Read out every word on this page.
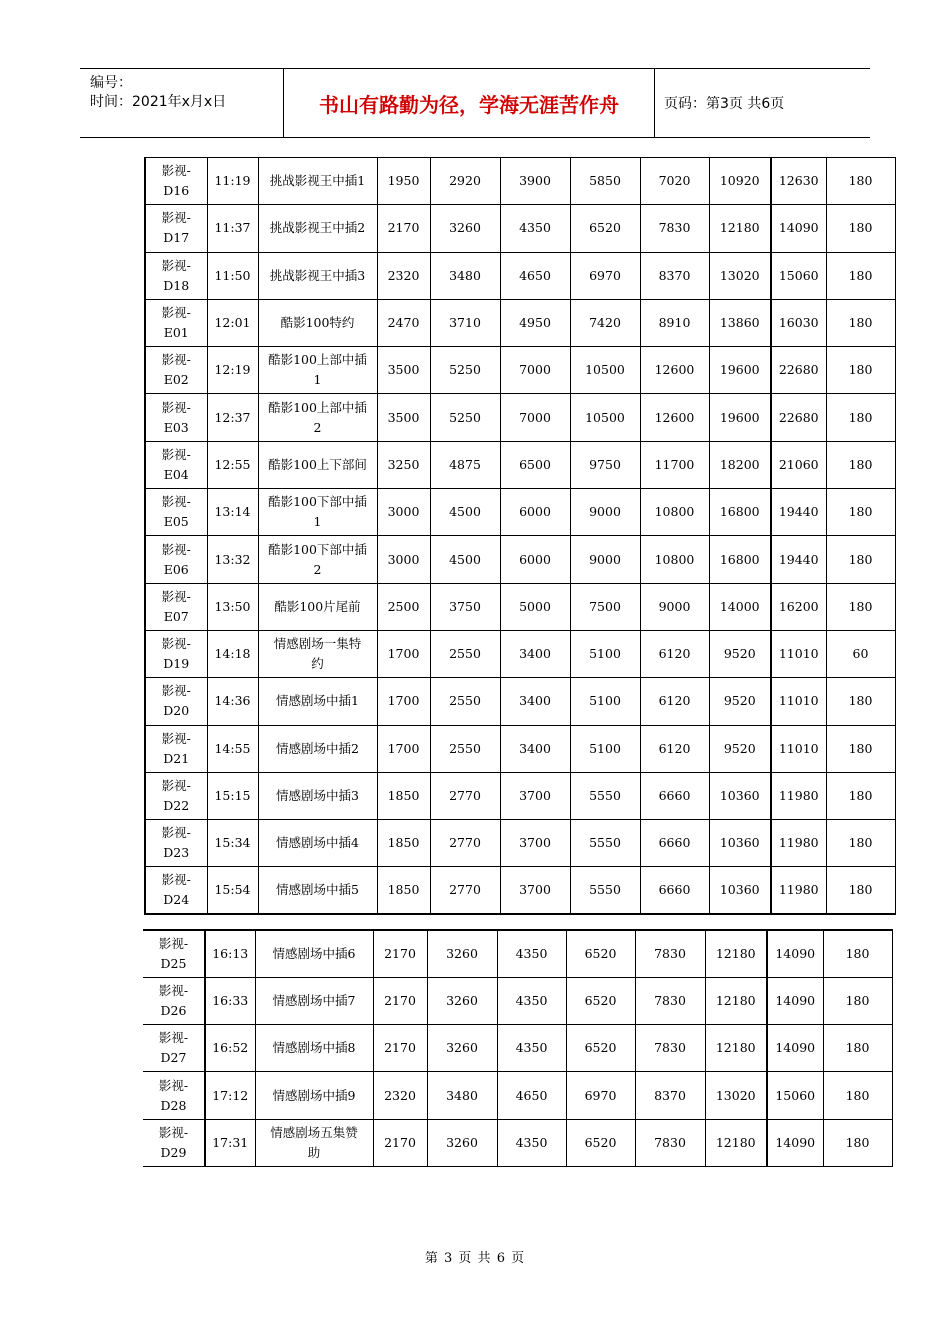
编号：
时间：2021年x月x日	书山有路勤为径，学海无涯苦作舟	页码：第3页 共6页
影视-
D16	11:19	挑战影视王中插1	1950	2920	3900	5850	7020	10920	12630	180
影视-
D17	11:37	挑战影视王中插2	2170	3260	4350	6520	7830	12180	14090	180
影视-
D18	11:50	挑战影视王中插3	2320	3480	4650	6970	8370	13020	15060	180
影视-
E01	12:01	酷影100特约	2470	3710	4950	7420	8910	13860	16030	180
影视-
E02	12:19	酷影100上部中插
1	3500	5250	7000	10500	12600	19600	22680	180
影视-
E03	12:37	酷影100上部中插
2	3500	5250	7000	10500	12600	19600	22680	180
影视-
E04	12:55	酷影100上下部间	3250	4875	6500	9750	11700	18200	21060	180
影视-
E05	13:14	酷影100下部中插
1	3000	4500	6000	9000	10800	16800	19440	180
影视-
E06	13:32	酷影100下部中插
2	3000	4500	6000	9000	10800	16800	19440	180
影视-
E07	13:50	酷影100片尾前	2500	3750	5000	7500	9000	14000	16200	180
影视-
D19	14:18	情感剧场一集特
约	1700	2550	3400	5100	6120	9520	11010	60
影视-
D20	14:36	情感剧场中插1	1700	2550	3400	5100	6120	9520	11010	180
影视-
D21	14:55	情感剧场中插2	1700	2550	3400	5100	6120	9520	11010	180
影视-
D22	15:15	情感剧场中插3	1850	2770	3700	5550	6660	10360	11980	180
影视-
D23	15:34	情感剧场中插4	1850	2770	3700	5550	6660	10360	11980	180
影视-
D24	15:54	情感剧场中插5	1850	2770	3700	5550	6660	10360	11980	180
影视-
D25	16:13	情感剧场中插6	2170	3260	4350	6520	7830	12180	14090	180
影视-
D26	16:33	情感剧场中插7	2170	3260	4350	6520	7830	12180	14090	180
影视-
D27	16:52	情感剧场中插8	2170	3260	4350	6520	7830	12180	14090	180
影视-
D28	17:12	情感剧场中插9	2320	3480	4650	6970	8370	13020	15060	180
影视-
D29	17:31	情感剧场五集赞
助	2170	3260	4350	6520	7830	12180	14090	180
第 3 页 共 6 页
